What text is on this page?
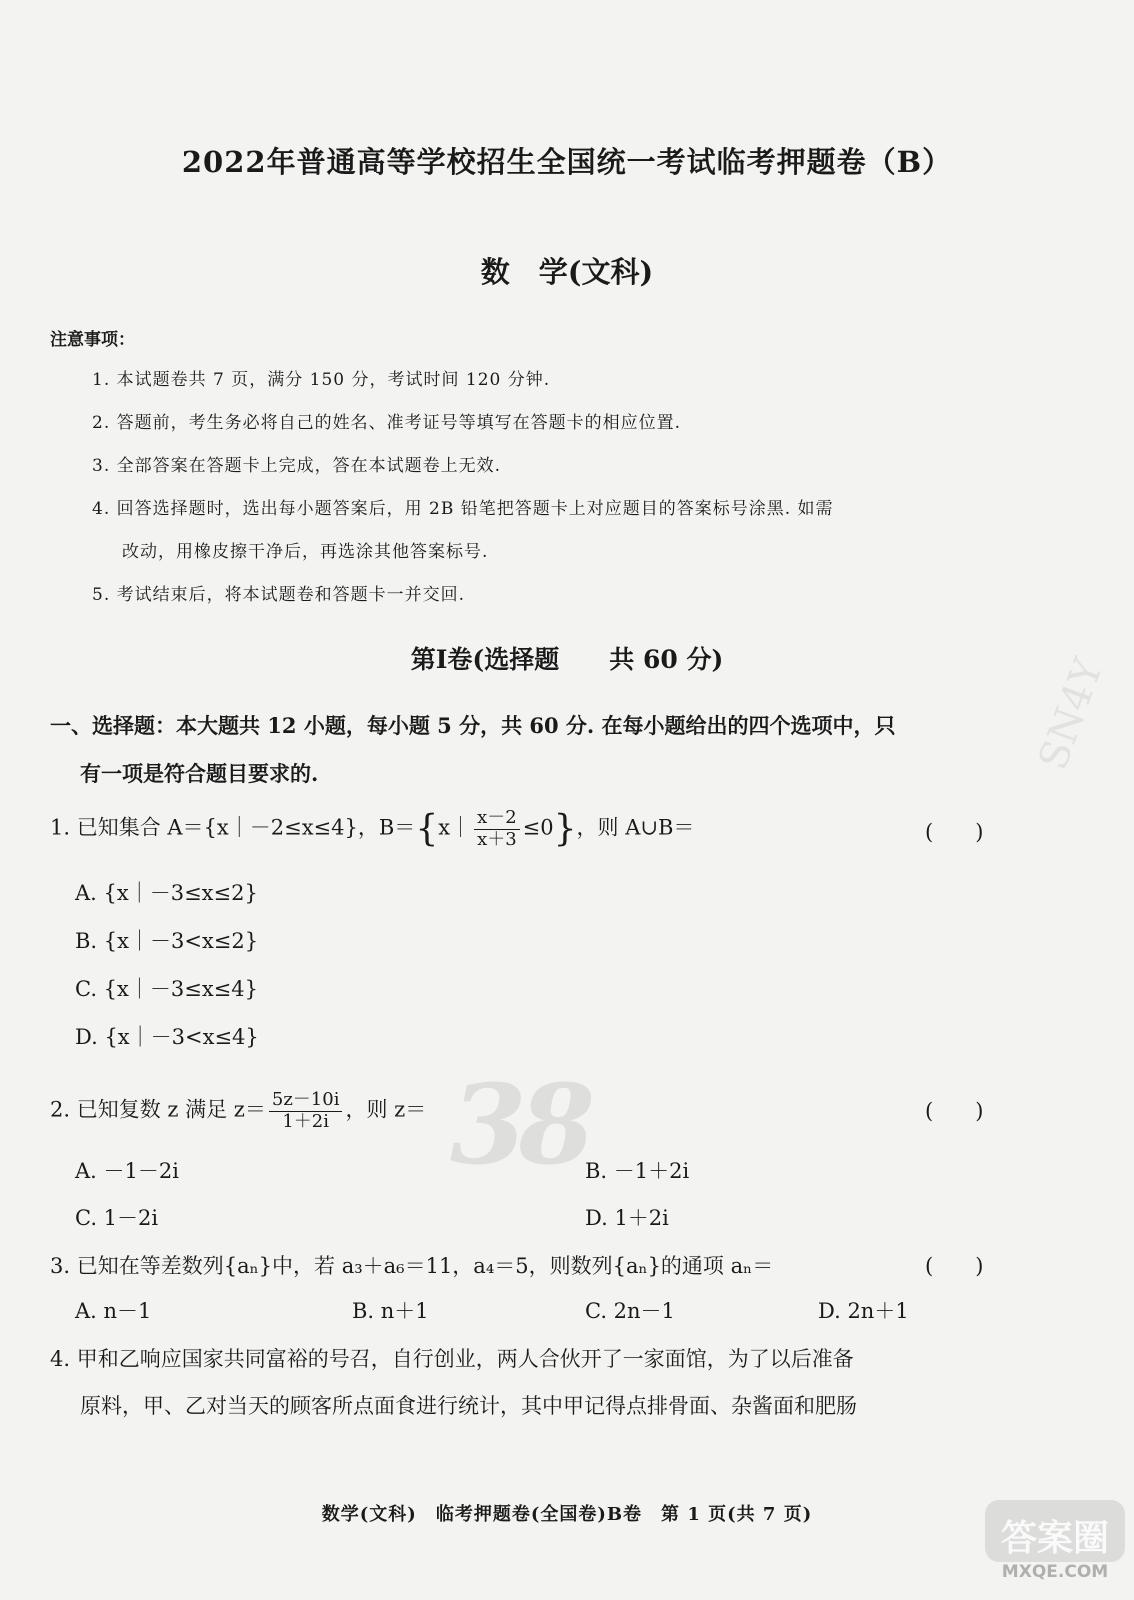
2022年普通高等学校招生全国统一考试临考押题卷（B）
数　学(文科)
注意事项：
1. 本试题卷共 7 页，满分 150 分，考试时间 120 分钟.
2. 答题前，考生务必将自己的姓名、准考证号等填写在答题卡的相应位置.
3. 全部答案在答题卡上完成，答在本试题卷上无效.
4. 回答选择题时，选出每小题答案后，用 2B 铅笔把答题卡上对应题目的答案标号涂黑. 如需
改动，用橡皮擦干净后，再选涂其他答案标号.
5. 考试结束后，将本试题卷和答题卡一并交回.
第Ⅰ卷(选择题　　共 60 分)
一、选择题：本大题共 12 小题，每小题 5 分，共 60 分. 在每小题给出的四个选项中，只
有一项是符合题目要求的.
1. 已知集合 A＝{x｜－2≤x≤4}，B＝{x｜ $\frac{x-2}{x+3} \le 0$}，则 A∪B＝	(　　)
A. {x｜－3≤x≤2}
B. {x｜－3<x≤2}
C. {x｜－3≤x≤4}
D. {x｜－3<x≤4}
2. 已知复数 z 满足 $z= \frac{5z-10i}{1+2i}$ ，则 z＝	(　　)
A. －1－2i	B. －1＋2i
C. 1－2i	D. 1＋2i
3. 已知在等差数列{aₙ}中，若 a₃＋a₆＝11，a₄＝5，则数列{aₙ}的通项 aₙ＝	(　　)
A. n－1	B. n＋1	C. 2n－1	D. 2n＋1
4. 甲和乙响应国家共同富裕的号召，自行创业，两人合伙开了一家面馆，为了以后准备
原料，甲、乙对当天的顾客所点面食进行统计，其中甲记得点排骨面、杂酱面和肥肠
数学(文科)　临考押题卷(全国卷)B卷　第 1 页(共 7 页)
38
SN4Y
答案圈
MXQE.COM
